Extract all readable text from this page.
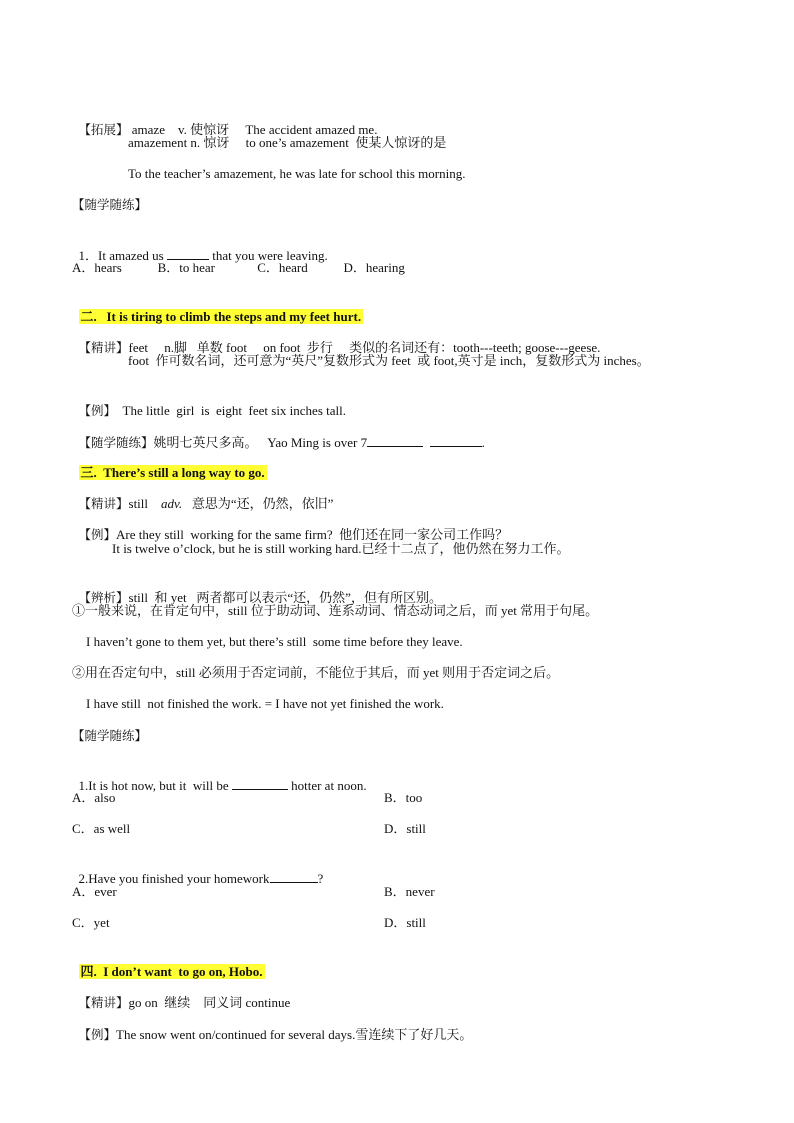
【拓展】 amaze    v. 使惊讶     The accident amazed me.

amazement n. 惊讶     to one’s amazement  使某人惊讶的是
To the teacher’s amazement, he was late for school this morning.
【随学随练】

1．It amazed us	that you were leaving.

A．hears           B．to hear             C．heard           D．hearing

二.   It is tiring to climb the steps and my feet hurt.

【精讲】feet     n.脚   单数 foot     on foot  步行     类似的名词还有：tooth---teeth; goose---geese.

foot  作可数名词，还可意为“英尺”复数形式为 feet  或 foot,英寸是 inch，复数形式为 inches。

【例】  The little  girl  is  eight  feet six inches tall.

【随学随练】姚明七英尺多高。   Yao Ming is over 7	.

三.  There’s still a long way to go.

【精讲】still    adv.   意思为“还，仍然，依旧”

【例】Are they still  working for the same firm?  他们还在同一家公司工作吗？

It is twelve o’clock, but he is still working hard.已经十二点了，他仍然在努力工作。

【辨析】still  和 yet   两者都可以表示“还，仍然”，但有所区别。

①一般来说，在肯定句中，still 位于助动词、连系动词、情态动词之后，而 yet 常用于句尾。
I haven’t gone to them yet, but there’s still  some time before they leave.
②用在否定句中，still 必须用于否定词前，不能位于其后，而 yet 则用于否定词之后。
I have still  not finished the work. = I have not yet finished the work.
【随学随练】

1.It is hot now, but it  will be	hotter at noon.

A．also	B．too
C．as well	D．still

2.Have you finished your homework	?

A．ever	B．never
C．yet	D．still

四.  I don’t want  to go on, Hobo.

【精讲】go on  继续    同义词 continue

【例】The snow went on/continued for several days.雪连续下了好几天。
